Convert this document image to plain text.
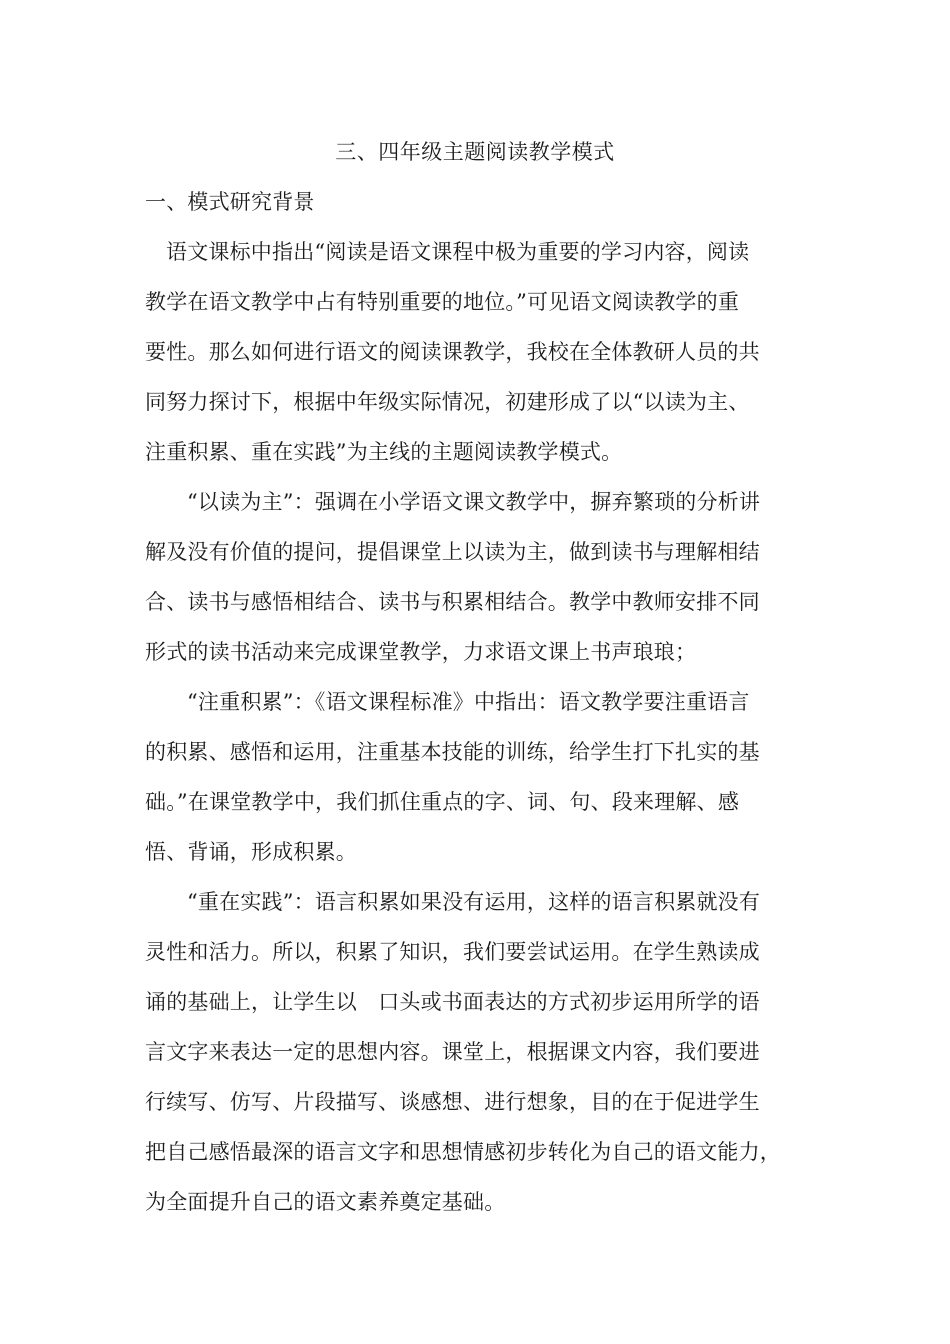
三、四年级主题阅读教学模式
一、模式研究背景
语文课标中指出“阅读是语文课程中极为重要的学习内容，阅读
教学在语文教学中占有特别重要的地位。”可见语文阅读教学的重
要性。那么如何进行语文的阅读课教学，我校在全体教研人员的共
同努力探讨下，根据中年级实际情况，初建形成了以“以读为主、
注重积累、重在实践”为主线的主题阅读教学模式。
“以读为主”：强调在小学语文课文教学中，摒弃繁琐的分析讲
解及没有价值的提问，提倡课堂上以读为主，做到读书与理解相结
合、读书与感悟相结合、读书与积累相结合。教学中教师安排不同
形式的读书活动来完成课堂教学，力求语文课上书声琅琅；
“注重积累”：《语文课程标准》中指出：语文教学要注重语言
的积累、感悟和运用，注重基本技能的训练，给学生打下扎实的基
础。”在课堂教学中，我们抓住重点的字、词、句、段来理解、感
悟、背诵，形成积累。
“重在实践”：语言积累如果没有运用，这样的语言积累就没有
灵性和活力。所以，积累了知识，我们要尝试运用。在学生熟读成
诵的基础上，让学生以　口头或书面表达的方式初步运用所学的语
言文字来表达一定的思想内容。课堂上，根据课文内容，我们要进
行续写、仿写、片段描写、谈感想、进行想象，目的在于促进学生
把自己感悟最深的语言文字和思想情感初步转化为自己的语文能力，
为全面提升自己的语文素养奠定基础。
